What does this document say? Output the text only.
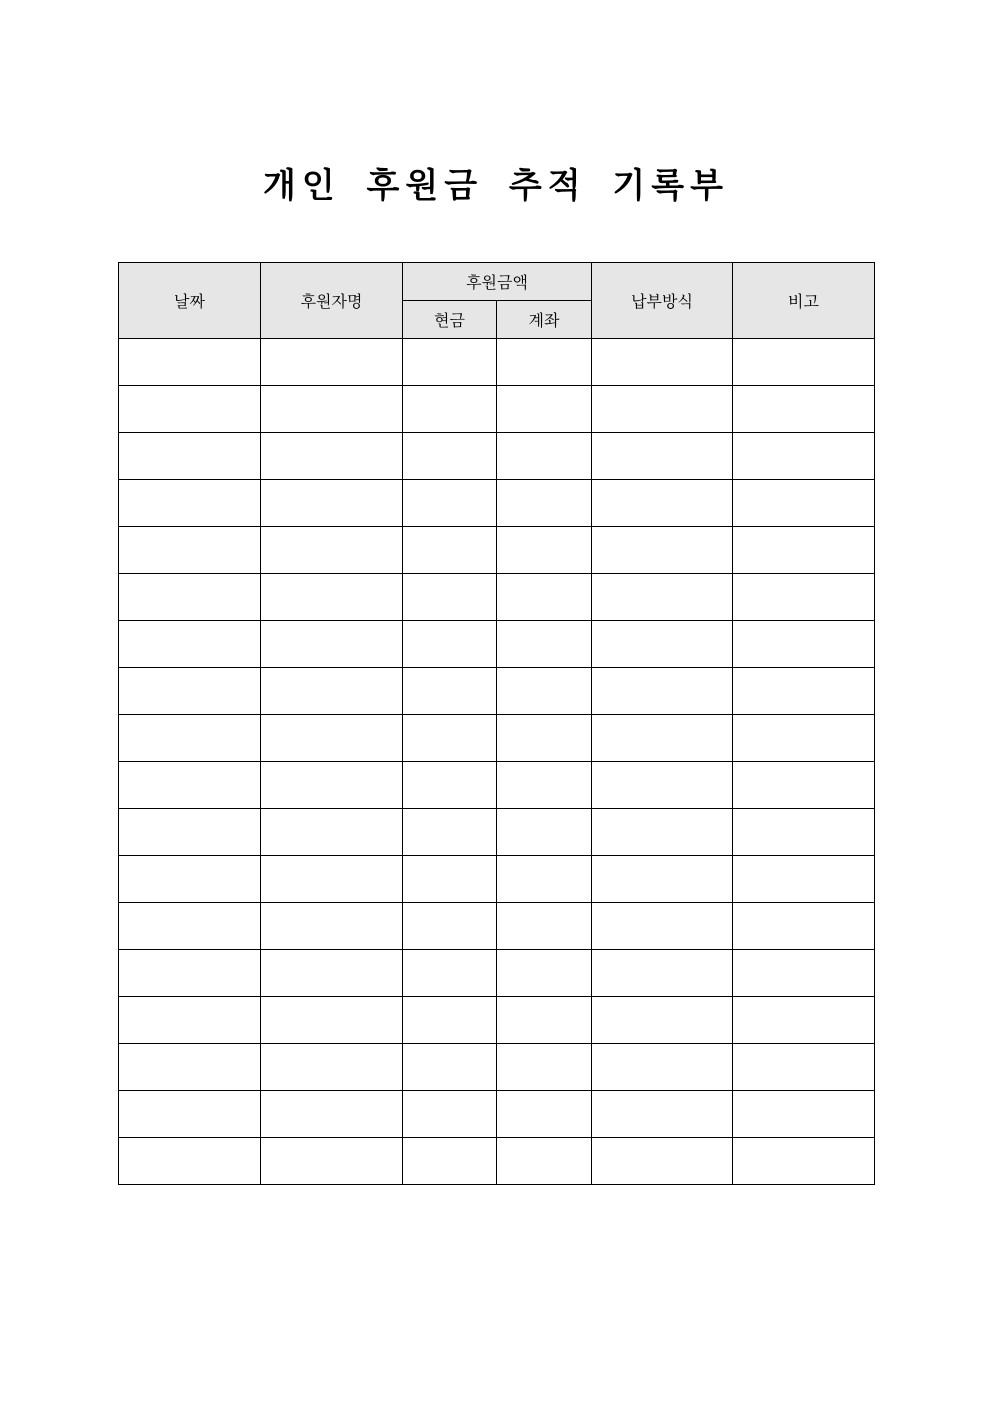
개인 후원금 추적 기록부
날짜	후원자명	후원금액		납부방식	비고
		현금	계좌		
